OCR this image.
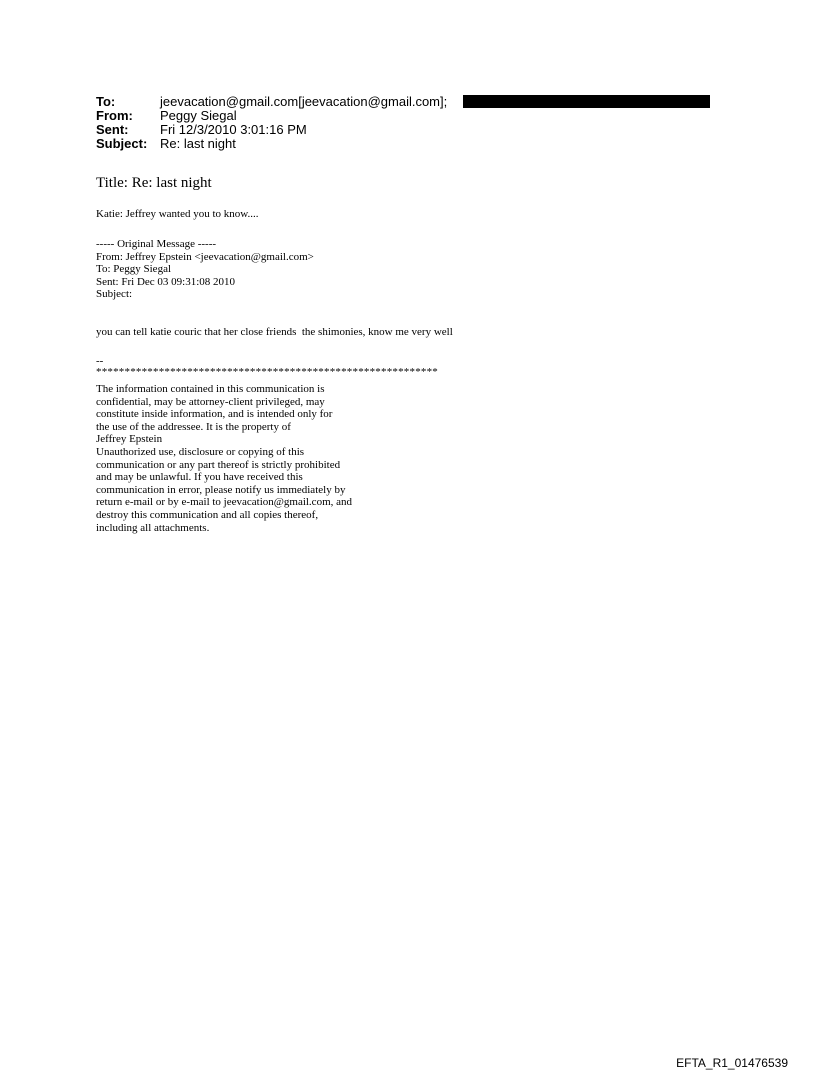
To:	jeevacation@gmail.com[jeevacation@gmail.com];
From:	Peggy Siegal
Sent:	Fri 12/3/2010 3:01:16 PM
Subject: Re: last night
Title: Re: last night
Katie: Jeffrey wanted you to know....
----- Original Message -----
From: Jeffrey Epstein <jeevacation@gmail.com>
To: Peggy Siegal
Sent: Fri Dec 03 09:31:08 2010
Subject:
you can tell katie couric that her close friends  the shimonies, know me very well
--
************************************************************
The information contained in this communication is
confidential, may be attorney-client privileged, may
constitute inside information, and is intended only for
the use of the addressee. It is the property of
Jeffrey Epstein
Unauthorized use, disclosure or copying of this
communication or any part thereof is strictly prohibited
and may be unlawful. If you have received this
communication in error, please notify us immediately by
return e-mail or by e-mail to jeevacation@gmail.com, and
destroy this communication and all copies thereof,
including all attachments.
EFTA_R1_01476539
